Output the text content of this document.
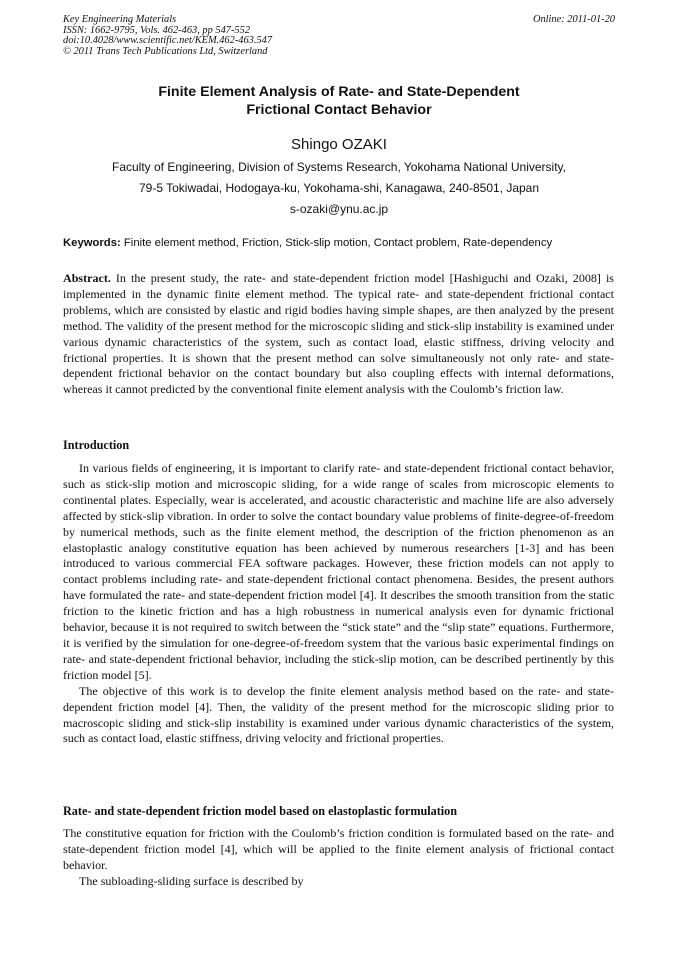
Key Engineering Materials
ISSN: 1662-9795, Vols. 462-463, pp 547-552
doi:10.4028/www.scientific.net/KEM.462-463.547
© 2011 Trans Tech Publications Ltd, Switzerland
Online: 2011-01-20
Finite Element Analysis of Rate- and State-Dependent
Frictional Contact Behavior
Shingo OZAKI
Faculty of Engineering, Division of Systems Research, Yokohama National University,
79-5 Tokiwadai, Hodogaya-ku, Yokohama-shi, Kanagawa, 240-8501, Japan
s-ozaki@ynu.ac.jp
Keywords: Finite element method, Friction, Stick-slip motion, Contact problem, Rate-dependency

Abstract. In the present study, the rate- and state-dependent friction model [Hashiguchi and Ozaki, 2008] is implemented in the dynamic finite element method. The typical rate- and state-dependent frictional contact problems, which are consisted by elastic and rigid bodies having simple shapes, are then analyzed by the present method. The validity of the present method for the microscopic sliding and stick-slip instability is examined under various dynamic characteristics of the system, such as contact load, elastic stiffness, driving velocity and frictional properties. It is shown that the present method can solve simultaneously not only rate- and state-dependent frictional behavior on the contact boundary but also coupling effects with internal deformations, whereas it cannot predicted by the conventional finite element analysis with the Coulomb’s friction law.

Introduction

In various fields of engineering, it is important to clarify rate- and state-dependent frictional contact behavior, such as stick-slip motion and microscopic sliding, for a wide range of scales from microscopic elements to continental plates. Especially, wear is accelerated, and acoustic characteristic and machine life are also adversely affected by stick-slip vibration. In order to solve the contact boundary value problems of finite-degree-of-freedom by numerical methods, such as the finite element method, the description of the friction phenomenon as an elastoplastic analogy constitutive equation has been achieved by numerous researchers [1-3] and has been introduced to various commercial FEA software packages. However, these friction models can not apply to contact problems including rate- and state-dependent frictional contact phenomena. Besides, the present authors have formulated the rate- and state-dependent friction model [4]. It describes the smooth transition from the static friction to the kinetic friction and has a high robustness in numerical analysis even for dynamic frictional behavior, because it is not required to switch between the “stick state” and the “slip state” equations. Furthermore, it is verified by the simulation for one-degree-of-freedom system that the various basic experimental findings on rate- and state-dependent frictional behavior, including the stick-slip motion, can be described pertinently by this friction model [5].

The objective of this work is to develop the finite element analysis method based on the rate- and state-dependent friction model [4]. Then, the validity of the present method for the microscopic sliding prior to macroscopic sliding and stick-slip instability is examined under various dynamic characteristics of the system, such as contact load, elastic stiffness, driving velocity and frictional properties.

Rate- and state-dependent friction model based on elastoplastic formulation

The constitutive equation for friction with the Coulomb’s friction condition is formulated based on the rate- and state-dependent friction model [4], which will be applied to the finite element analysis of frictional contact behavior.

The subloading-sliding surface is described by
